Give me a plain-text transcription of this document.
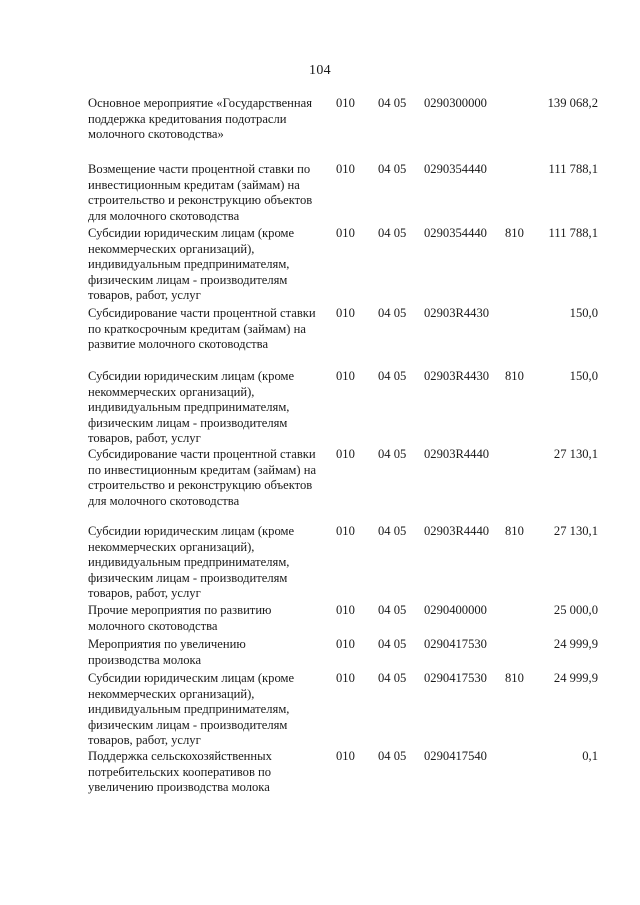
104
Основное мероприятие «Государственная поддержка кредитования подотрасли молочного скотоводства»
010 04 05 0290300000	139 068,2
Возмещение части процентной ставки по инвестиционным кредитам (займам) на строительство и реконструкцию объектов для молочного скотоводства
010 04 05 0290354440	111 788,1
Субсидии юридическим лицам (кроме некоммерческих организаций), индивидуальным предпринимателям, физическим лицам - производителям товаров, работ, услуг
010 04 05 0290354440 810 111 788,1
Субсидирование части процентной ставки по краткосрочным кредитам (займам) на развитие молочного скотоводства
010 04 05 02903R4430	150,0
Субсидии юридическим лицам (кроме некоммерческих организаций), индивидуальным предпринимателям, физическим лицам - производителям товаров, работ, услуг
010 04 05 02903R4430 810	150,0
Субсидирование части процентной ставки по инвестиционным кредитам (займам) на строительство и реконструкцию объектов для молочного скотоводства
010 04 05 02903R4440	27 130,1
Субсидии юридическим лицам (кроме некоммерческих организаций), индивидуальным предпринимателям, физическим лицам - производителям товаров, работ, услуг
010 04 05 02903R4440 810 27 130,1
Прочие мероприятия по развитию молочного скотоводства
010 04 05 0290400000	25 000,0
Мероприятия по увеличению производства молока
010 04 05 0290417530	24 999,9
Субсидии юридическим лицам (кроме некоммерческих организаций), индивидуальным предпринимателям, физическим лицам - производителям товаров, работ, услуг
010 04 05 0290417530 810 24 999,9
Поддержка сельскохозяйственных потребительских кооперативов по увеличению производства молока
010 04 05 0290417540	0,1
